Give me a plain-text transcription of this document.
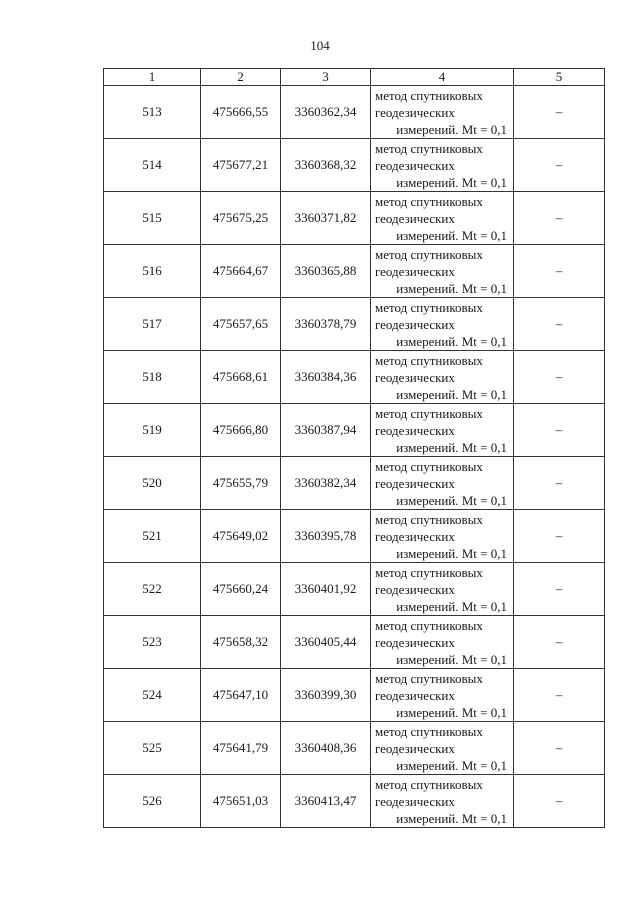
104
1	2	3	4	5
513	475666,55	3360362,34	метод спутниковых
геодезических
измерений. Mt = 0,1	–
514	475677,21	3360368,32	метод спутниковых
геодезических
измерений. Mt = 0,1	–
515	475675,25	3360371,82	метод спутниковых
геодезических
измерений. Mt = 0,1	–
516	475664,67	3360365,88	метод спутниковых
геодезических
измерений. Mt = 0,1	–
517	475657,65	3360378,79	метод спутниковых
геодезических
измерений. Mt = 0,1	–
518	475668,61	3360384,36	метод спутниковых
геодезических
измерений. Mt = 0,1	–
519	475666,80	3360387,94	метод спутниковых
геодезических
измерений. Mt = 0,1	–
520	475655,79	3360382,34	метод спутниковых
геодезических
измерений. Mt = 0,1	–
521	475649,02	3360395,78	метод спутниковых
геодезических
измерений. Mt = 0,1	–
522	475660,24	3360401,92	метод спутниковых
геодезических
измерений. Mt = 0,1	–
523	475658,32	3360405,44	метод спутниковых
геодезических
измерений. Mt = 0,1	–
524	475647,10	3360399,30	метод спутниковых
геодезических
измерений. Mt = 0,1	–
525	475641,79	3360408,36	метод спутниковых
геодезических
измерений. Mt = 0,1	–
526	475651,03	3360413,47	метод спутниковых
геодезических
измерений. Mt = 0,1	–
